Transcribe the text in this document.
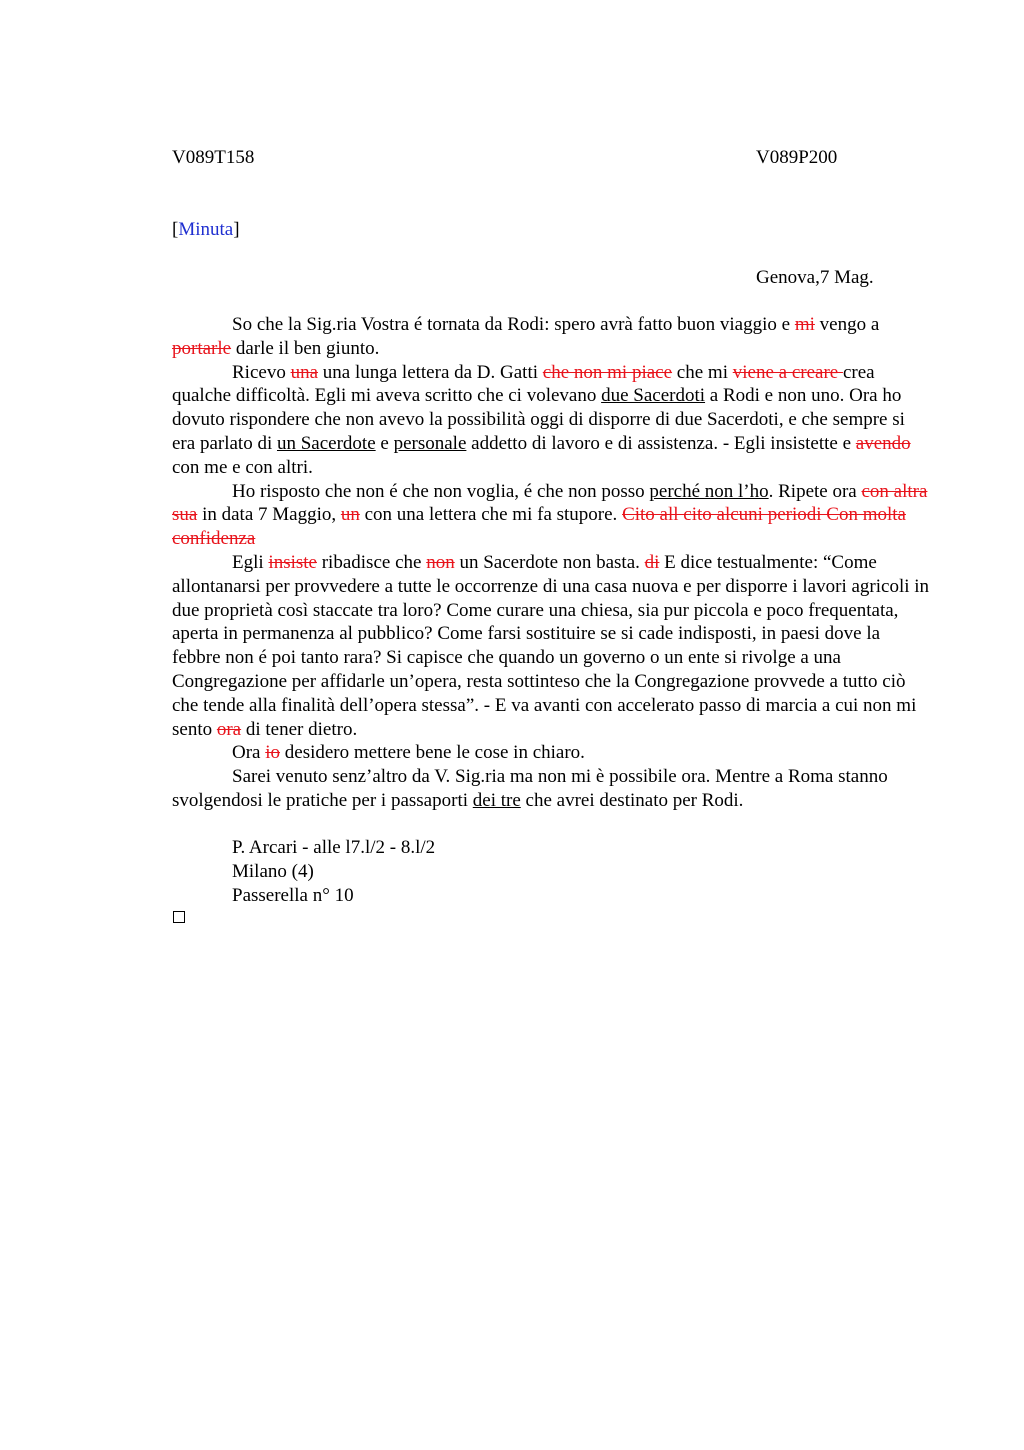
V089T158	V089P200
[Minuta]
Genova,7 Mag.

So che la Sig.ria Vostra é tornata da Rodi: spero avrà fatto buon viaggio e mi vengo a portarle darle il ben giunto.

Ricevo una una lunga lettera da D. Gatti che non mi piace che mi viene a creare crea qualche difficoltà. Egli mi aveva scritto che ci volevano due Sacerdoti a Rodi e non uno. Ora ho dovuto rispondere che non avevo la possibilità oggi di disporre di due Sacerdoti, e che sempre si era parlato di un Sacerdote e personale addetto di lavoro e di assistenza. - Egli insistette e avendo con me e con altri.

Ho risposto che non é che non voglia, é che non posso perché non l’ho. Ripete ora con altra sua in data 7 Maggio, un con una lettera che mi fa stupore. Cito all cito alcuni periodi Con molta confidenza

Egli insiste ribadisce che non un Sacerdote non basta. di E dice testualmente: “Come allontanarsi per provvedere a tutte le occorrenze di una casa nuova e per disporre i lavori agricoli in due proprietà così staccate tra loro? Come curare una chiesa, sia pur piccola e poco frequentata, aperta in permanenza al pubblico? Come farsi sostituire se si cade indisposti, in paesi dove la febbre non é poi tanto rara? Si capisce che quando un governo o un ente si rivolge a una Congregazione per affidarle un’opera, resta sottinteso che la Congregazione provvede a tutto ciò che tende alla finalità dell’opera stessa”. - E va avanti con accelerato passo di marcia a cui non mi sento ora di tener dietro.

Ora io desidero mettere bene le cose in chiaro.

Sarei venuto senz’altro da V. Sig.ria ma non mi è possibile ora. Mentre a Roma stanno svolgendosi le pratiche per i passaporti dei tre che avrei destinato per Rodi.

P. Arcari - alle l7.l/2 - 8.l/2
Milano (4)
Passerella n° 10
